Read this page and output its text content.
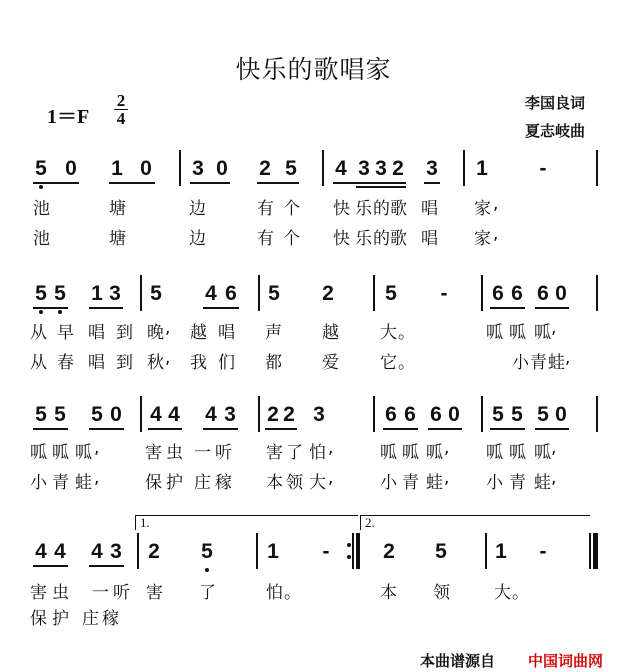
快乐的歌唱家
1＝F
2
4
李国良词
夏志岐曲
5 0 1 0 3 0 2 5 4 3 3 2 3 1 -
池	塘	边	有 个 快 乐 的 歌 唱 家 ,
池	塘	边	有 个 快 乐 的 歌 唱 家 ,
5 5 1 3 5 4 6 5 2 5 - 6 6 6 0
从 早 唱 到 晚 , 越 唱 声 越 大 。	呱 呱 呱 ,
从 春 唱 到 秋 , 我 们 都 爱 它 。	小 青 蛙 ,
5 5 5 0 4 4 4 3 2 2 3	6 6 6 0 5 5 5 0
呱 呱 呱 ,	害 虫 一 听 害 了 怕 ,	呱 呱 呱 , 呱 呱 呱 ,
小 青 蛙 ,	保 护 庄 稼 本 领 大 ,	小 青 蛙 , 小 青 蛙 ,
1.	2.
4 4 4 3 2 5	1 -	2 5 1 -
害 虫 一 听 害 了	怕 。	本 领	大 。
保 护 庄 稼
本曲谱源自 中国词曲网
